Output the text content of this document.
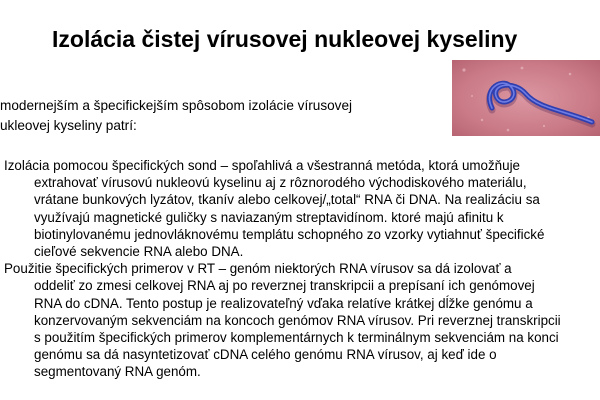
Izolácia čistej vírusovej nukleovej kyseliny
modernejším a špecifickejším spôsobom izolácie vírusovej
ukleovej kyseliny patrí:
Izolácia pomocou špecifických sond – spoľahlivá a všestranná metóda, ktorá umožňuje
extrahovať vírusovú nukleovú kyselinu aj z rôznorodého východiskového materiálu,
vrátane bunkových lyzátov, tkanív alebo celkovej/„total“ RNA či DNA. Na realizáciu sa
využívajú magnetické guličky s naviazaným streptavidínom. ktoré majú afinitu k
biotinylovanému jednovláknovému templátu schopného zo vzorky vytiahnuť špecifické
cieľové sekvencie RNA alebo DNA.
Použitie špecifických primerov v RT – genóm niektorých RNA vírusov sa dá izolovať a
oddeliť zo zmesi celkovej RNA aj po reverznej transkripcii a prepísaní ich genómovej
RNA do cDNA. Tento postup je realizovateľný vďaka relatíve krátkej dĺžke genómu a
konzervovaným sekvenciám na koncoch genómov RNA vírusov. Pri reverznej transkripcii
s použitím špecifických primerov komplementárnych k terminálnym sekvenciám na konci
genómu sa dá nasyntetizovať cDNA celého genómu RNA vírusov, aj keď ide o
segmentovaný RNA genóm.
